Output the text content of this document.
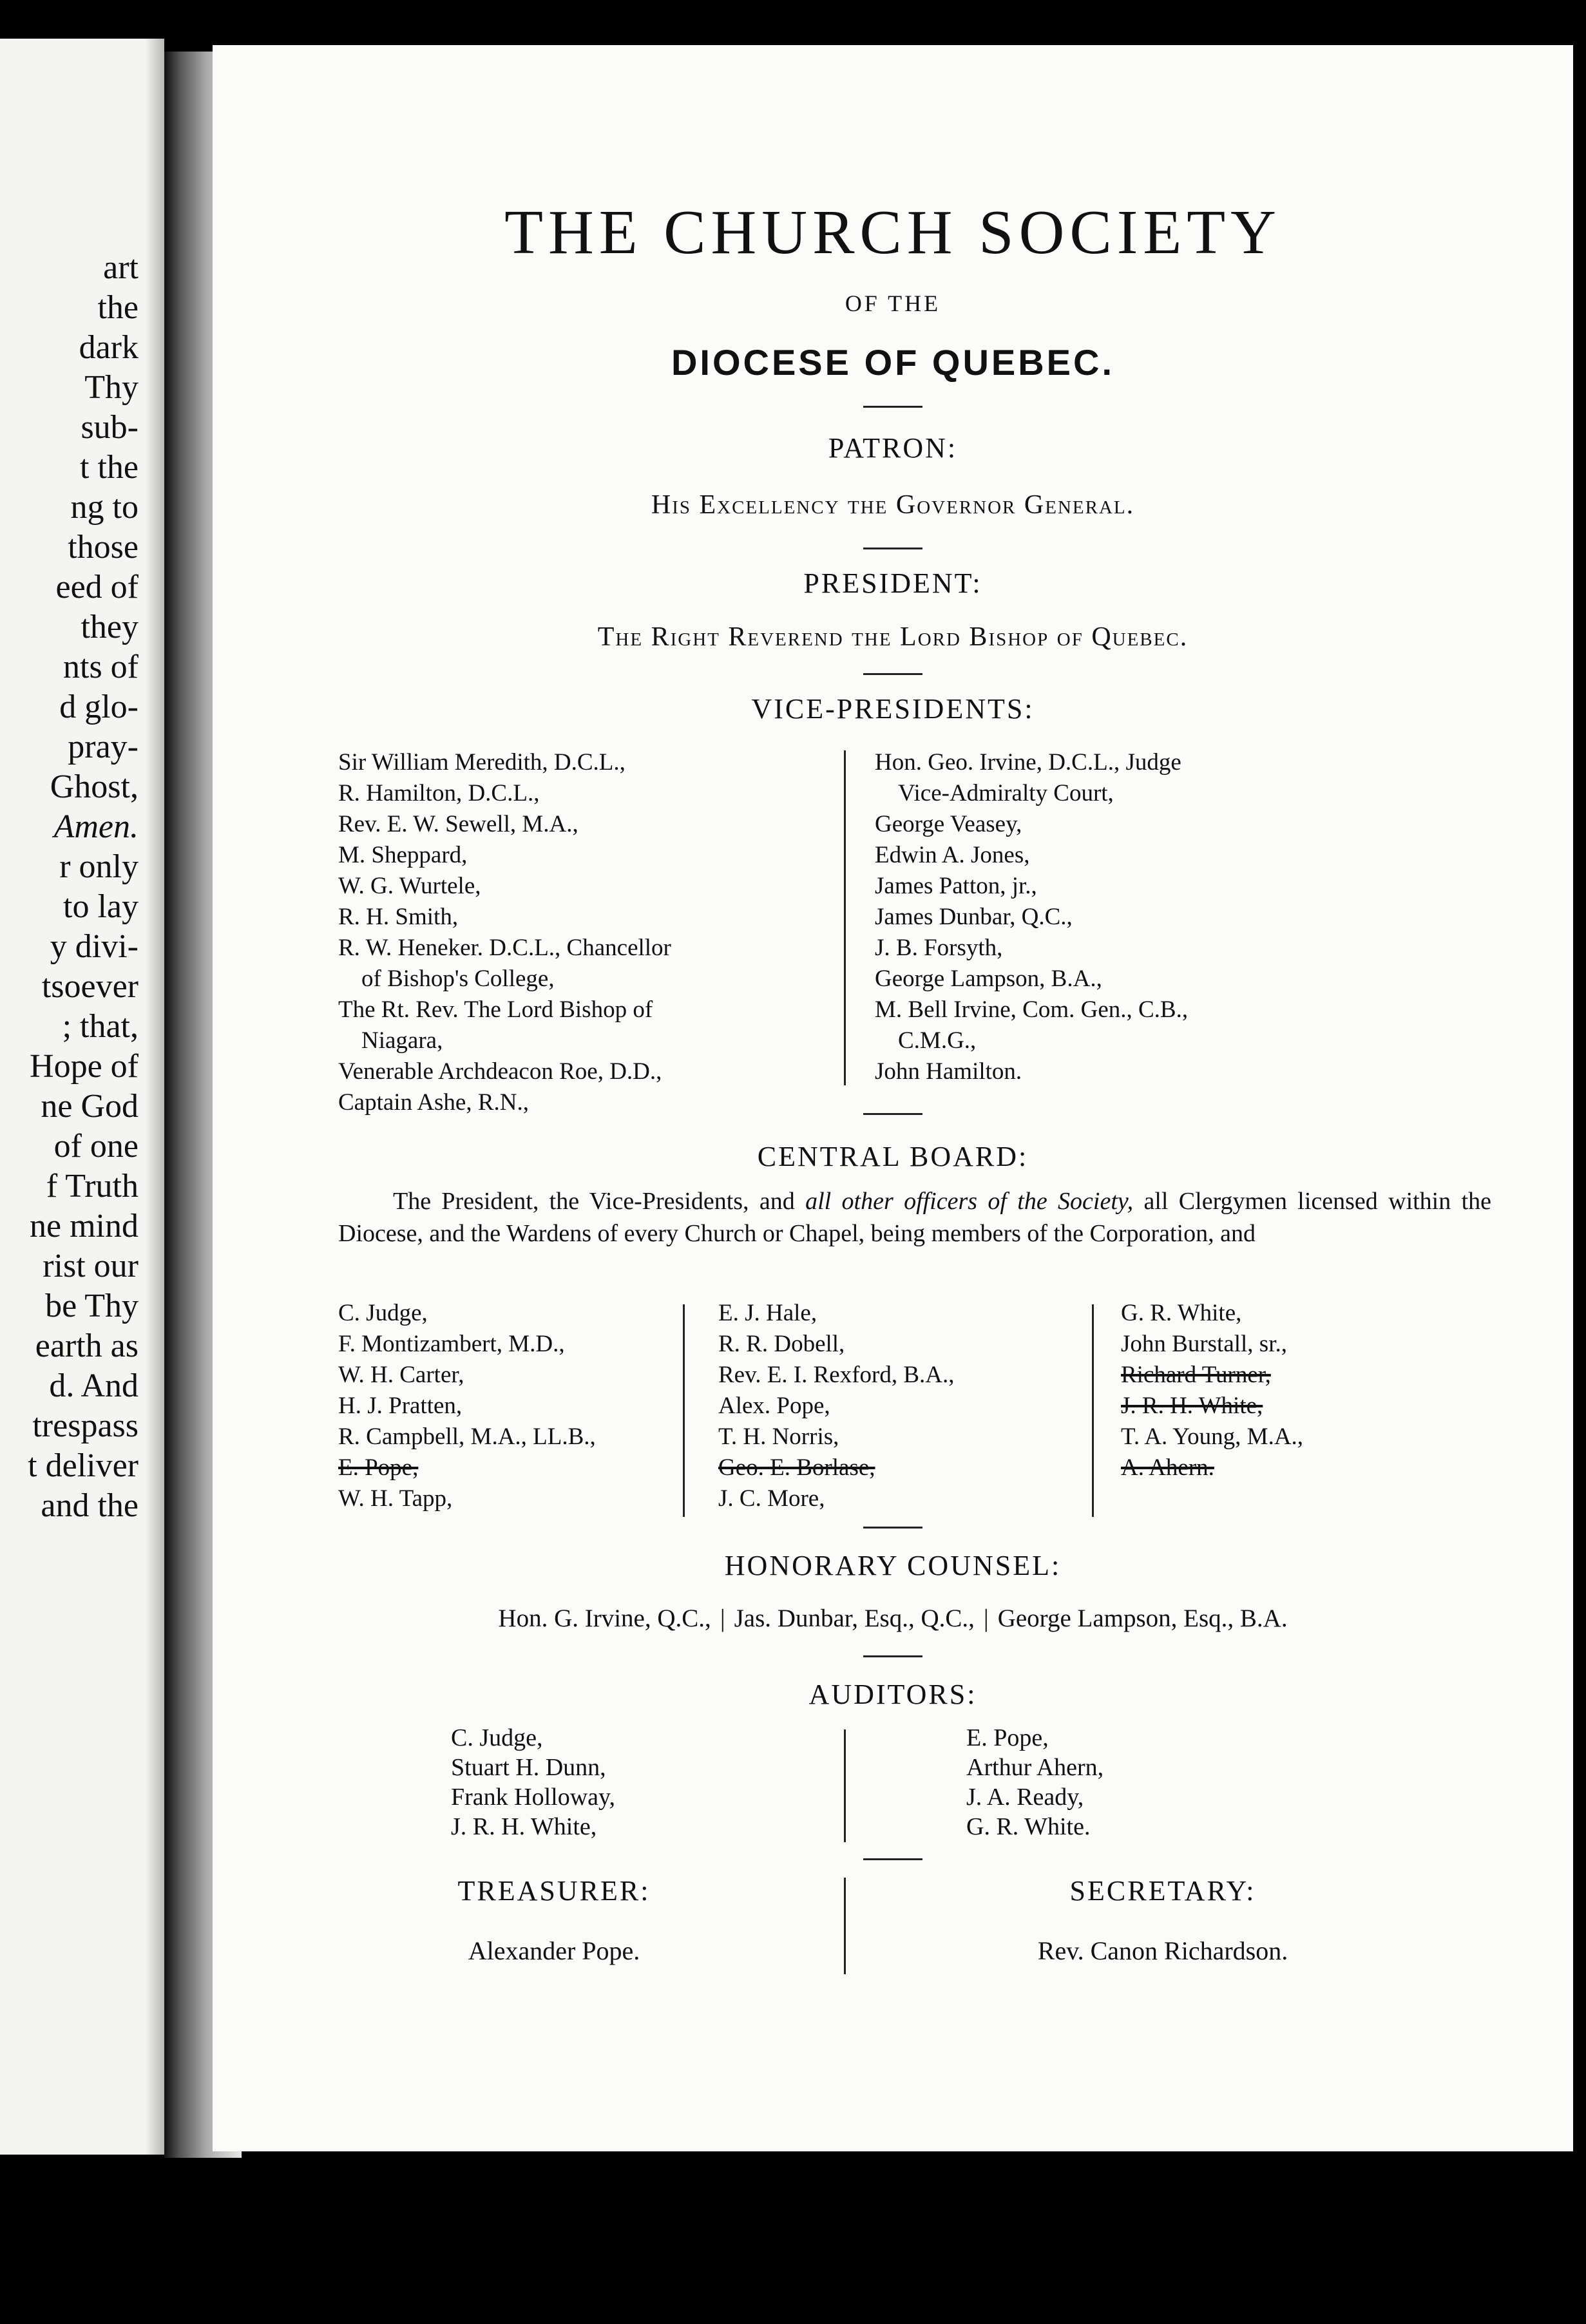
art
the
dark
Thy
sub-
t the
ng to
those
eed of
they
nts of
d glo-
pray-
Ghost,
Amen.
r only
to lay
y divi-
tsoever
; that,
Hope of
ne God
of one
f Truth
ne mind
rist our
be Thy
earth as
d. And
trespass
t deliver
and the
THE CHURCH SOCIETY
OF THE
DIOCESE OF QUEBEC.
PATRON:
His Excellency the Governor General.
PRESIDENT:
The Right Reverend the Lord Bishop of Quebec.
VICE-PRESIDENTS:
Sir William Meredith, D.C.L.,
R. Hamilton, D.C.L.,
Rev. E. W. Sewell, M.A.,
M. Sheppard,
W. G. Wurtele,
R. H. Smith,
R. W. Heneker. D.C.L., Chancellor
of Bishop's College,
The Rt. Rev. The Lord Bishop of
Niagara,
Venerable Archdeacon Roe, D.D.,
Captain Ashe, R.N.,
Hon. Geo. Irvine, D.C.L., Judge
Vice-Admiralty Court,
George Veasey,
Edwin A. Jones,
James Patton, jr.,
James Dunbar, Q.C.,
J. B. Forsyth,
George Lampson, B.A.,
M. Bell Irvine, Com. Gen., C.B.,
C.M.G.,
John Hamilton.
CENTRAL BOARD:
The President, the Vice-Presidents, and all other officers of the Society, all Clergymen licensed within the Diocese, and the Wardens of every Church or Chapel, being members of the Corporation, and
C. Judge,
F. Montizambert, M.D.,
W. H. Carter,
H. J. Pratten,
R. Campbell, M.A., LL.B.,
E. Pope,
W. H. Tapp,
E. J. Hale,
R. R. Dobell,
Rev. E. I. Rexford, B.A.,
Alex. Pope,
T. H. Norris,
Geo. E. Borlase,
J. C. More,
G. R. White,
John Burstall, sr.,
Richard Turner,
J. R. H. White,
T. A. Young, M.A.,
A. Ahern.
HONORARY COUNSEL:
Hon. G. Irvine, Q.C., | Jas. Dunbar, Esq., Q.C., | George Lampson, Esq., B.A.
AUDITORS:
C. Judge,
Stuart H. Dunn,
Frank Holloway,
J. R. H. White,
E. Pope,
Arthur Ahern,
J. A. Ready,
G. R. White.
TREASURER:
Alexander Pope.
SECRETARY:
Rev. Canon Richardson.
